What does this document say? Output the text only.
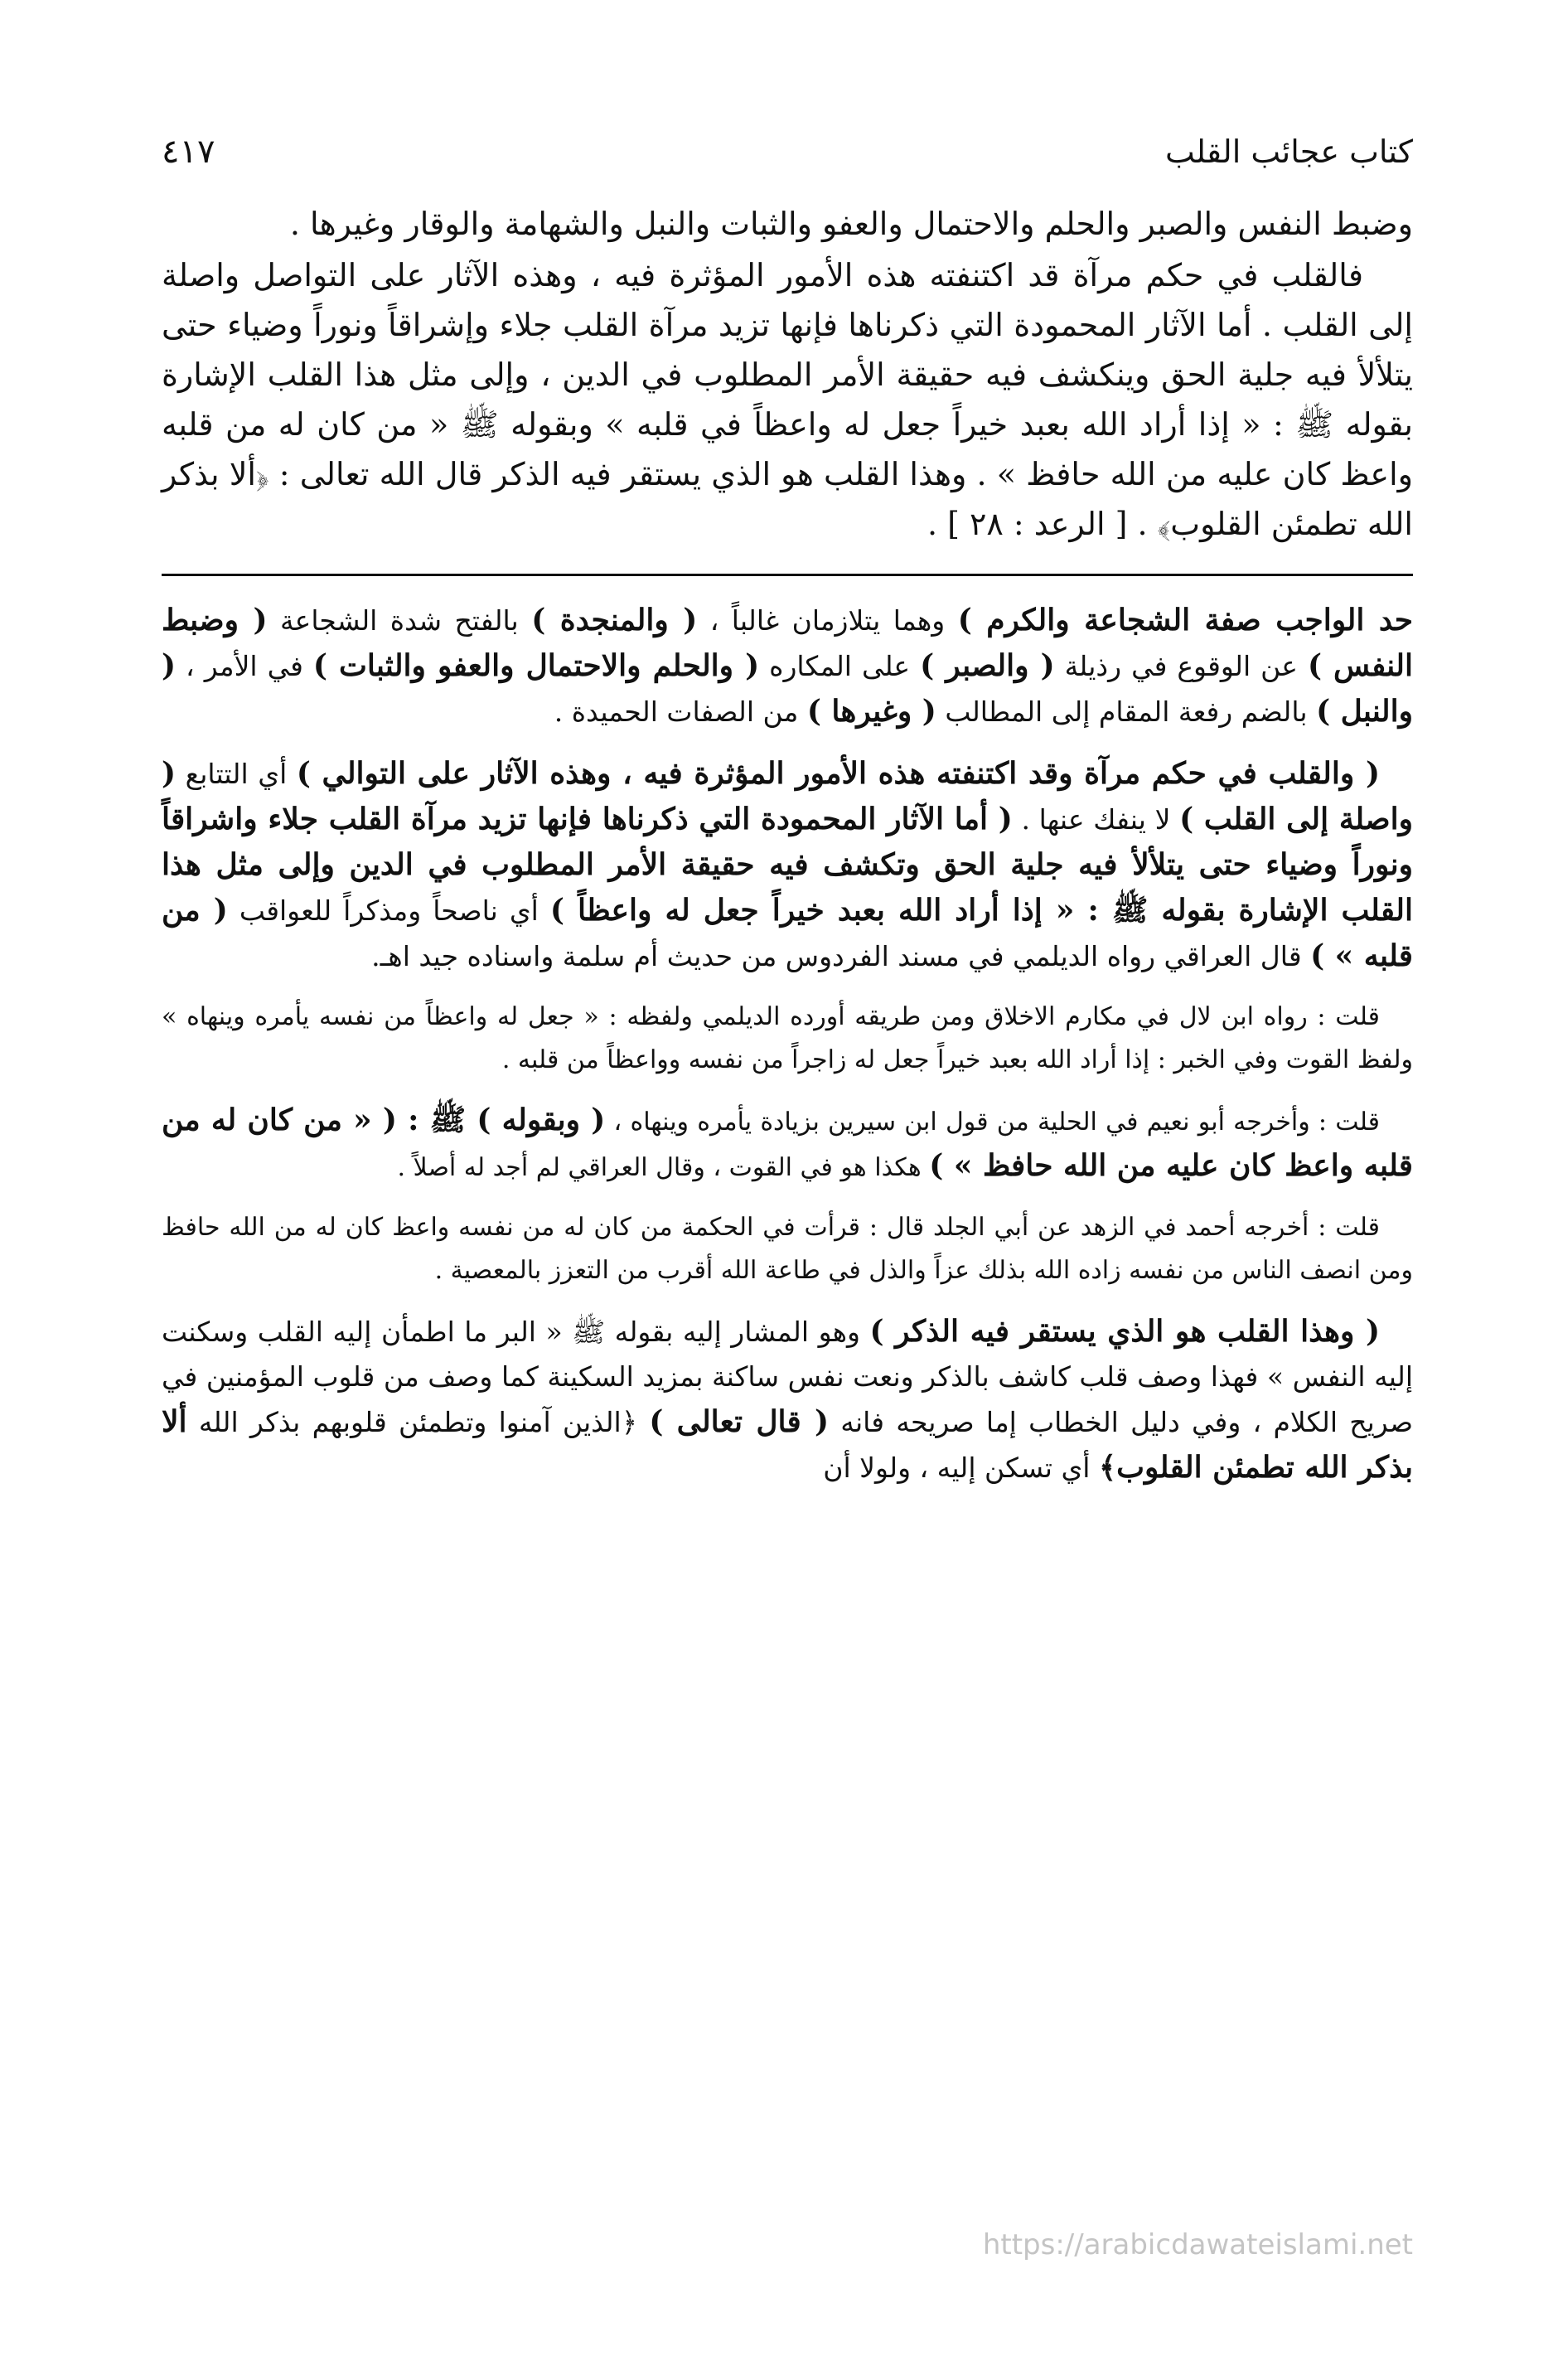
كتاب عجائب القلب
٤١٧

وضبط النفس والصبر والحلم والاحتمال والعفو والثبات والنبل والشهامة والوقار وغيرها .

فالقلب في حكم مرآة قد اكتنفته هذه الأمور المؤثرة فيه ، وهذه الآثار على التواصل واصلة إلى القلب . أما الآثار المحمودة التي ذكرناها فإنها تزيد مرآة القلب جلاء وإشراقاً ونوراً وضياء حتى يتلألأ فيه جلية الحق وينكشف فيه حقيقة الأمر المطلوب في الدين ، وإلى مثل هذا القلب الإشارة بقوله ﷺ : « إذا أراد الله بعبد خيراً جعل له واعظاً في قلبه » وبقوله ﷺ « من كان له من قلبه واعظ كان عليه من الله حافظ » . وهذا القلب هو الذي يستقر فيه الذكر قال الله تعالى : ﴿ألا بذكر الله تطمئن القلوب﴾ . [ الرعد : ٢٨ ] .

حد الواجب صفة الشجاعة والكرم ) وهما يتلازمان غالباً ، ( والمنجدة ) بالفتح شدة الشجاعة ( وضبط النفس ) عن الوقوع في رذيلة ( والصبر ) على المكاره ( والحلم والاحتمال والعفو والثبات ) في الأمر ، ( والنبل ) بالضم رفعة المقام إلى المطالب ( وغيرها ) من الصفات الحميدة .

( والقلب في حكم مرآة وقد اكتنفته هذه الأمور المؤثرة فيه ، وهذه الآثار على التوالي ) أي التتابع ( واصلة إلى القلب ) لا ينفك عنها . ( أما الآثار المحمودة التي ذكرناها فإنها تزيد مرآة القلب جلاء واشراقاً ونوراً وضياء حتى يتلألأ فيه جلية الحق وتكشف فيه حقيقة الأمر المطلوب في الدين وإلى مثل هذا القلب الإشارة بقوله ﷺ : « إذا أراد الله بعبد خيراً جعل له واعظاً ) أي ناصحاً ومذكراً للعواقب ( من قلبه » ) قال العراقي رواه الديلمي في مسند الفردوس من حديث أم سلمة واسناده جيد اهـ.

قلت : رواه ابن لال في مكارم الاخلاق ومن طريقه أورده الديلمي ولفظه : « جعل له واعظاً من نفسه يأمره وينهاه » ولفظ القوت وفي الخبر : إذا أراد الله بعبد خيراً جعل له زاجراً من نفسه وواعظاً من قلبه .

قلت : وأخرجه أبو نعيم في الحلية من قول ابن سيرين بزيادة يأمره وينهاه ، ( وبقوله ) ﷺ : ( « من كان له من قلبه واعظ كان عليه من الله حافظ » ) هكذا هو في القوت ، وقال العراقي لم أجد له أصلاً .

قلت : أخرجه أحمد في الزهد عن أبي الجلد قال : قرأت في الحكمة من كان له من نفسه واعظ كان له من الله حافظ ومن انصف الناس من نفسه زاده الله بذلك عزاً والذل في طاعة الله أقرب من التعزز بالمعصية .

( وهذا القلب هو الذي يستقر فيه الذكر ) وهو المشار إليه بقوله ﷺ « البر ما اطمأن إليه القلب وسكنت إليه النفس » فهذا وصف قلب كاشف بالذكر ونعت نفس ساكنة بمزيد السكينة كما وصف من قلوب المؤمنين في صريح الكلام ، وفي دليل الخطاب إما صريحه فانه ( قال تعالى ) ﴿الذين آمنوا وتطمئن قلوبهم بذكر الله ألا بذكر الله تطمئن القلوب﴾ أي تسكن إليه ، ولولا أن

https://arabicdawateislami.net
